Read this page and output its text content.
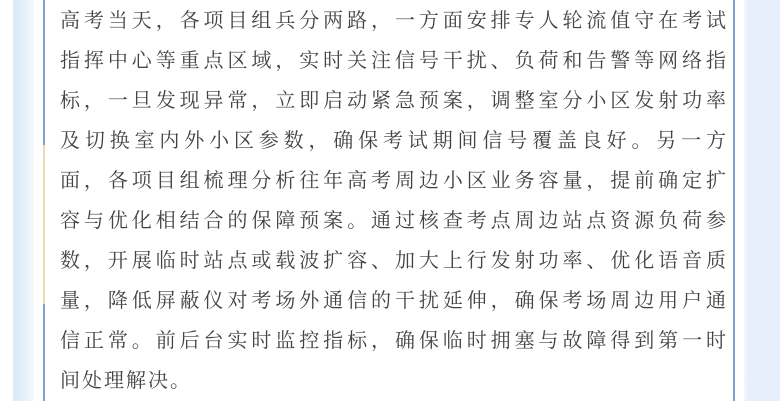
高考当天，各项目组兵分两路，一方面安排专人轮流值守在考试
指挥中心等重点区域，实时关注信号干扰、负荷和告警等网络指
标，一旦发现异常，立即启动紧急预案，调整室分小区发射功率
及切换室内外小区参数，确保考试期间信号覆盖良好。另一方
面，各项目组梳理分析往年高考周边小区业务容量，提前确定扩
容与优化相结合的保障预案。通过核查考点周边站点资源负荷参
数，开展临时站点或载波扩容、加大上行发射功率、优化语音质
量，降低屏蔽仪对考场外通信的干扰延伸，确保考场周边用户通
信正常。前后台实时监控指标，确保临时拥塞与故障得到第一时
间处理解决。
